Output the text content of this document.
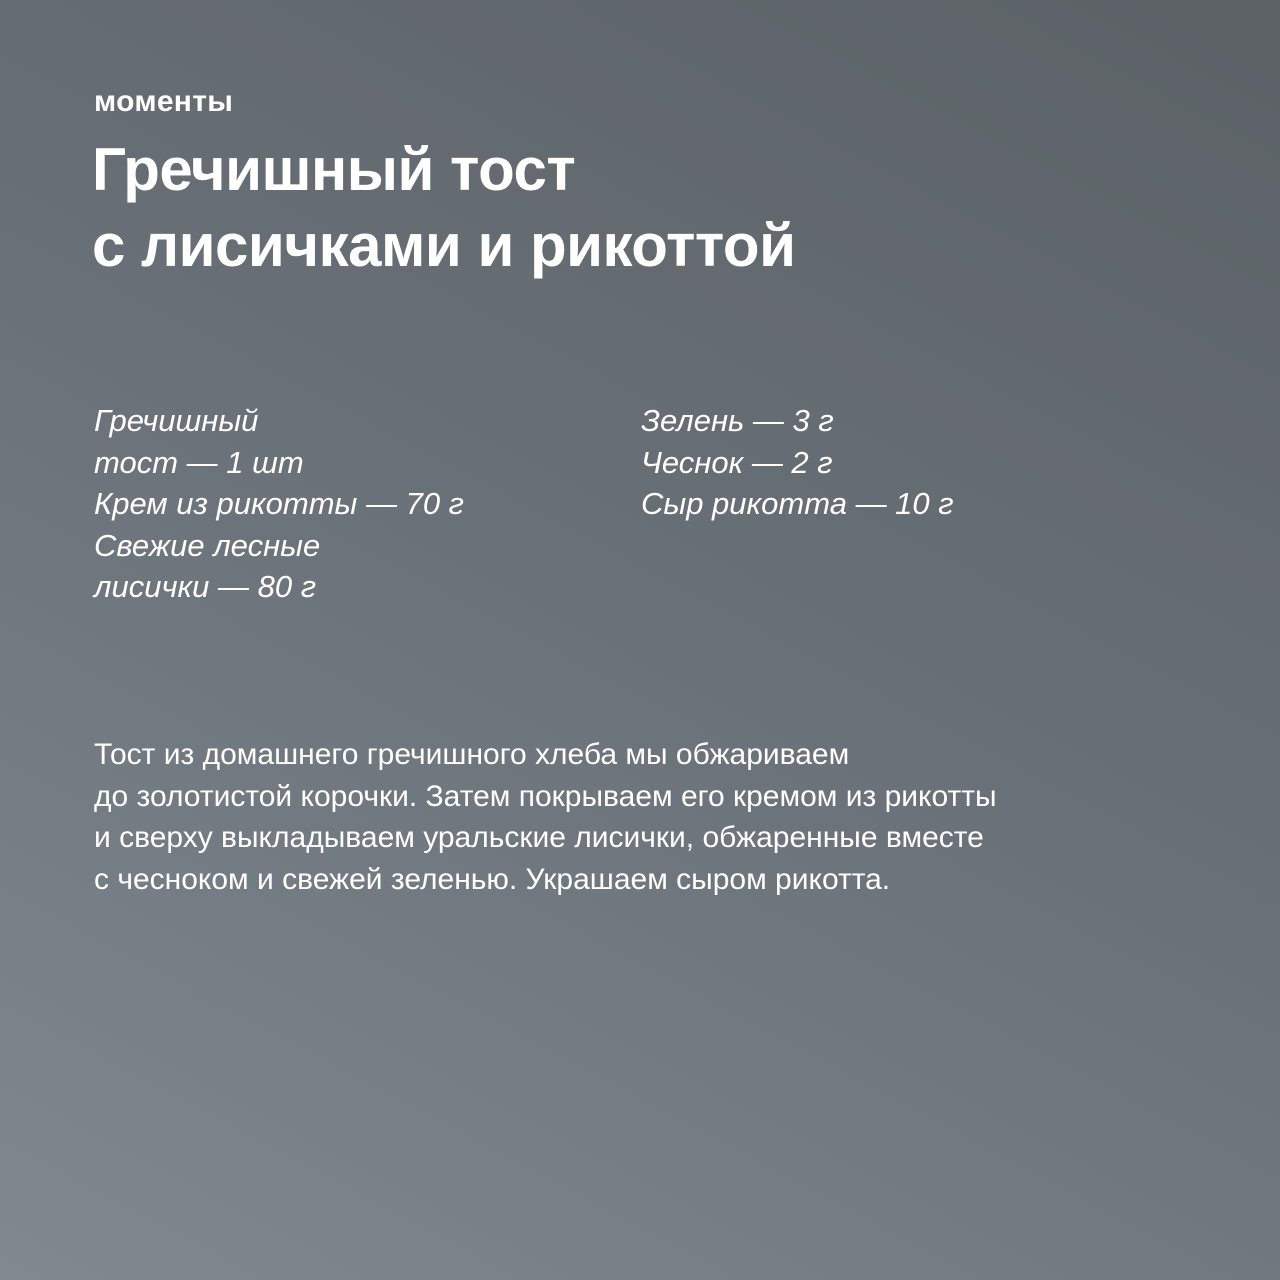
моменты
Гречишный тост
с лисичками и рикоттой
Гречишный
тост — 1 шт
Крем из рикотты — 70 г
Свежие лесные
лисички — 80 г
Зелень — 3 г
Чеснок — 2 г
Сыр рикотта — 10 г
Тост из домашнего гречишного хлеба мы обжариваем
до золотистой корочки. Затем покрываем его кремом из рикотты
и сверху выкладываем уральские лисички, обжаренные вместе
с чесноком и свежей зеленью. Украшаем сыром рикотта.
